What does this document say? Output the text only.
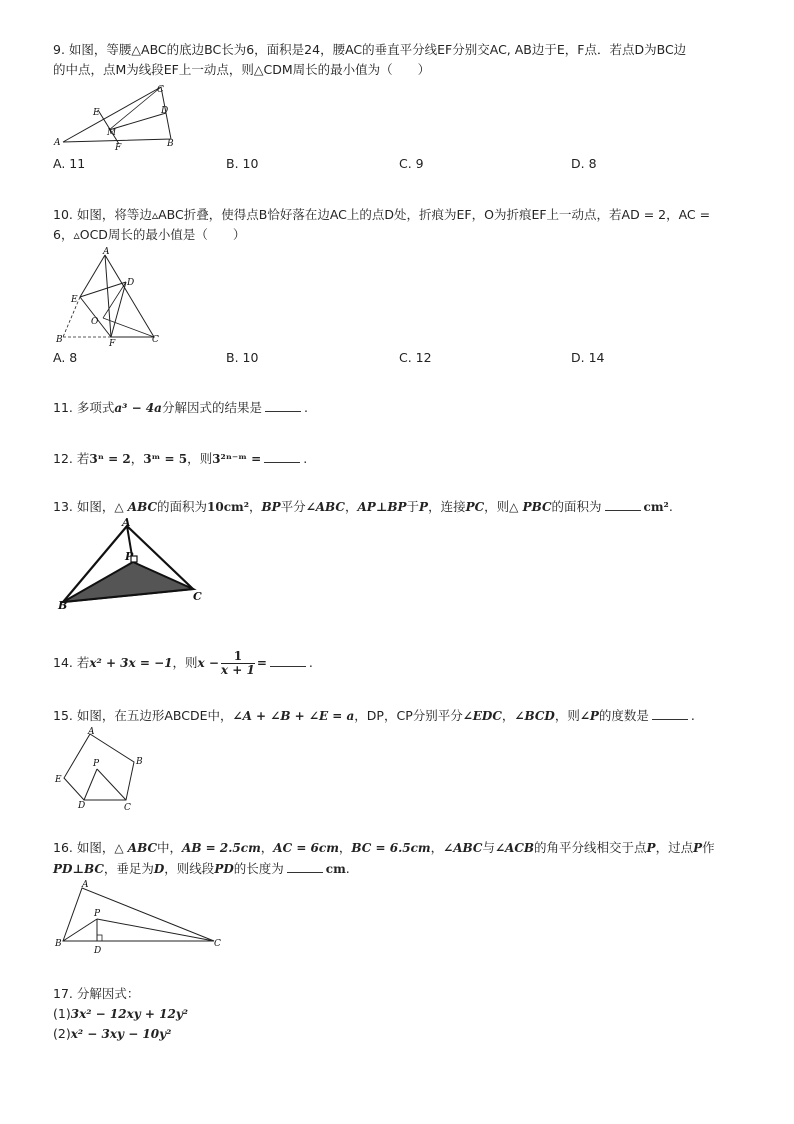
9. 如图，等腰△ABC的底边BC长为6，面积是24，腰AC的垂直平分线EF分别交AC, AB边于E，F点．若点D为BC边
的中点，点M为线段EF上一动点，则△CDM周长的最小值为（　　）
C
A	B
D
E
F
M
A. 11	B. 10	C. 9	D. 8
10. 如图，将等边▵ABC折叠，使得点B恰好落在边AC上的点D处，折痕为EF，O为折痕EF上一动点，若AD = 2，AC =
6，▵OCD周长的最小值是（　　）
A
B	C
D
E
F
O
A. 8	B. 10	C. 12	D. 14
11. 多项式a³ − 4a分解因式的结果是	.
12. 若3ⁿ = 2，3ᵐ = 5，则3²ⁿ⁻ᵐ =	.
13. 如图，△ ABC的面积为10cm²，BP平分∠ABC，AP⊥BP于P，连接PC，则△ PBC的面积为	cm².
A
B
C
P
14. 若x² + 3x = −1，则$x - \frac{1}{x + 1}$ =	.
15. 如图，在五边形ABCDE中，∠A + ∠B + ∠E = a，DP，CP分别平分∠EDC，∠BCD，则∠P的度数是	.
A
B
C
D
E
P
16. 如图，△ ABC中，AB = 2.5cm，AC = 6cm，BC = 6.5cm，∠ABC与∠ACB的角平分线相交于点P，过点P作
PD⊥BC，垂足为D，则线段PD的长度为	cm.
A
B	C
D
P
17. 分解因式：
(1)3x² − 12xy + 12y²
(2)x² − 3xy − 10y²
